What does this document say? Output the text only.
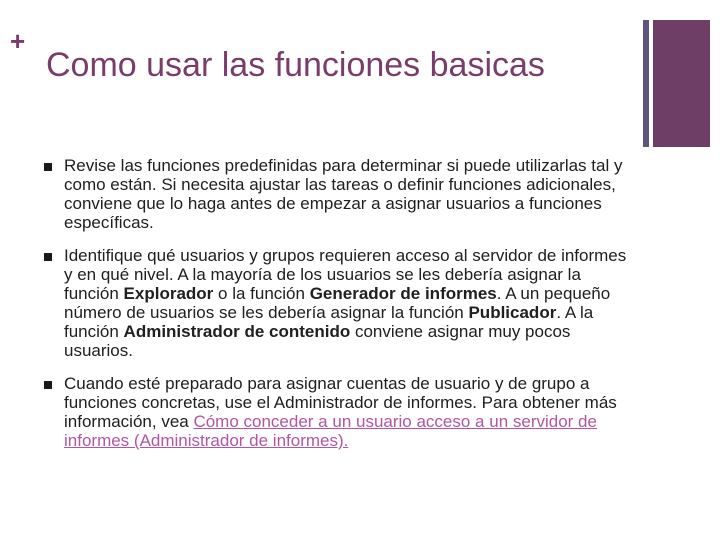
+
Como usar las funciones basicas
Revise las funciones predefinidas para determinar si puede utilizarlas tal y como están. Si necesita ajustar las tareas o definir funciones adicionales, conviene que lo haga antes de empezar a asignar usuarios a funciones específicas.
Identifique qué usuarios y grupos requieren acceso al servidor de informes y en qué nivel. A la mayoría de los usuarios se les debería asignar la función Explorador o la función Generador de informes. A un pequeño número de usuarios se les debería asignar la función Publicador. A la función Administrador de contenido conviene asignar muy pocos usuarios.
Cuando esté preparado para asignar cuentas de usuario y de grupo a funciones concretas, use el Administrador de informes. Para obtener más información, vea Cómo conceder a un usuario acceso a un servidor de informes (Administrador de informes).
